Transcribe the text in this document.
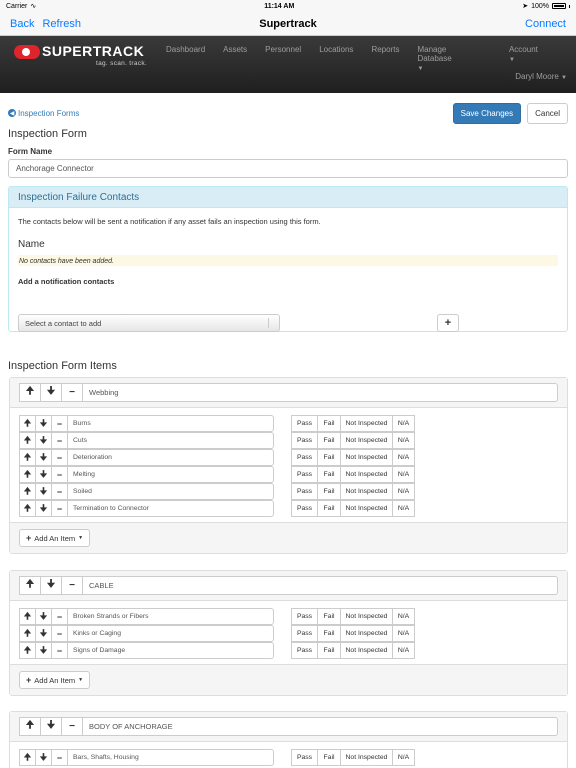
Carrier ∿	11:14 AM	➤ 100%
Back Refresh	Supertrack	Connect
SUPERTRACK
tag. scan. track.
Dashboard	Assets	Personnel	Locations	Reports	Manage Database ▼
Account ▼
Daryl Moore ▼
◀ Inspection Forms	Save Changes	Cancel
Inspection Form
Form Name
Anchorage Connector
Inspection Failure Contacts
The contacts below will be sent a notification if any asset fails an inspection using this form.
Name
No contacts have been added.
Add a notification contacts
Select a contact to add	+
Inspection Form Items
🠉 🠋 −	Webbing
🠉 🠋 −	Burns	Pass	Fail	Not Inspected	N/A
🠉 🠋 −	Cuts	Pass	Fail	Not Inspected	N/A
🠉 🠋 −	Deterioration	Pass	Fail	Not Inspected	N/A
🠉 🠋 −	Melting	Pass	Fail	Not Inspected	N/A
🠉 🠋 −	Soiled	Pass	Fail	Not Inspected	N/A
🠉 🠋 −	Termination to Connector	Pass	Fail	Not Inspected	N/A
+ Add An Item ▼
🠉 🠋 −	CABLE
🠉 🠋 −	Broken Strands or Fibers	Pass	Fail	Not Inspected	N/A
🠉 🠋 −	Kinks or Caging	Pass	Fail	Not Inspected	N/A
🠉 🠋 −	Signs of Damage	Pass	Fail	Not Inspected	N/A
+ Add An Item ▼
🠉 🠋 −	BODY OF ANCHORAGE
🠉 🠋 −	Bars, Shafts, Housing	Pass	Fail	Not Inspected	N/A
